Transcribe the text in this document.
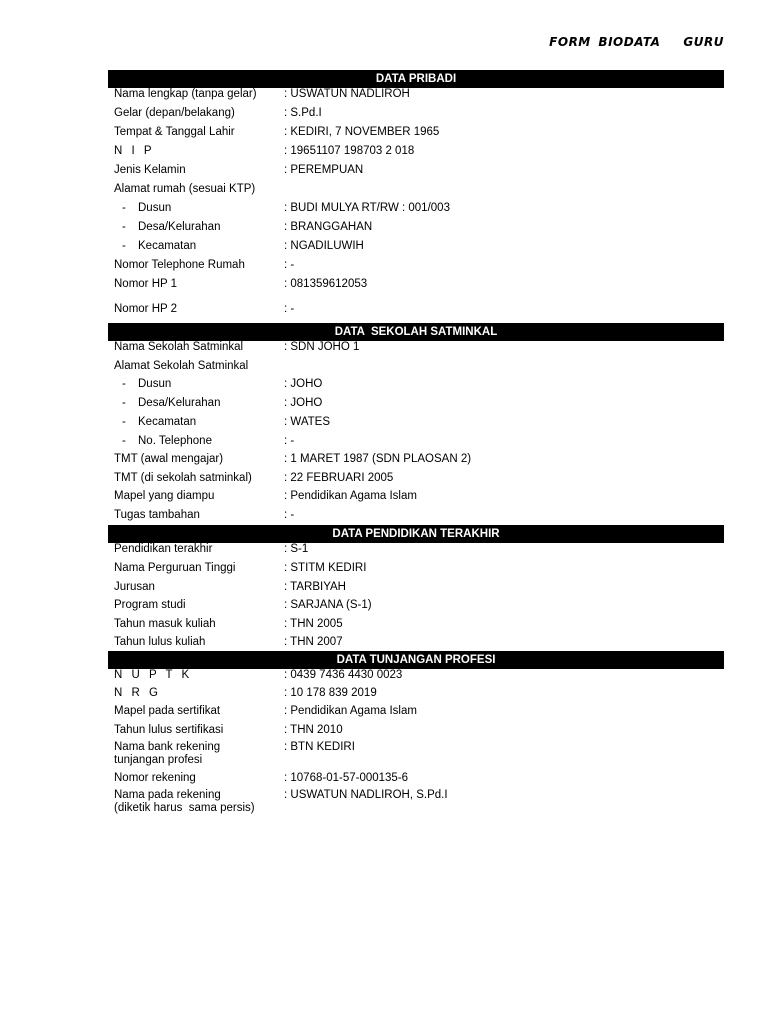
FORM BIODATA   GURU
DATA PRIBADI
Nama lengkap (tanpa gelar)	: USWATUN NADLIROH
Gelar (depan/belakang)	: S.Pd.I
Tempat & Tanggal Lahir	: KEDIRI, 7 NOVEMBER 1965
N I P	: 19651107 198703 2 018
Jenis Kelamin	: PEREMPUAN
Alamat rumah (sesuai KTP)
- Dusun	: BUDI MULYA RT/RW : 001/003
- Desa/Kelurahan	: BRANGGAHAN
- Kecamatan	: NGADILUWIH
Nomor Telephone Rumah	: -
Nomor HP 1	: 081359612053
Nomor HP 2	: -
DATA  SEKOLAH SATMINKAL
Nama Sekolah Satminkal	: SDN JOHO 1
Alamat Sekolah Satminkal
- Dusun	: JOHO
- Desa/Kelurahan	: JOHO
- Kecamatan	: WATES
- No. Telephone	: -
TMT (awal mengajar)	: 1 MARET 1987 (SDN PLAOSAN 2)
TMT (di sekolah satminkal)	: 22 FEBRUARI 2005
Mapel yang diampu	: Pendidikan Agama Islam
Tugas tambahan	: -
DATA PENDIDIKAN TERAKHIR
Pendidikan terakhir	: S-1
Nama Perguruan Tinggi	: STITM KEDIRI
Jurusan	: TARBIYAH
Program studi	: SARJANA (S-1)
Tahun masuk kuliah	: THN 2005
Tahun lulus kuliah	: THN 2007
DATA TUNJANGAN PROFESI
N U P T K	: 0439 7436 4430 0023
N R G	: 10 178 839 2019
Mapel pada sertifikat	: Pendidikan Agama Islam
Tahun lulus sertifikasi	: THN 2010
Nama bank rekening
tunjangan profesi
: BTN KEDIRI
Nomor rekening	: 10768-01-57-000135-6
Nama pada rekening
(diketik harus  sama persis)
: USWATUN NADLIROH, S.Pd.I
